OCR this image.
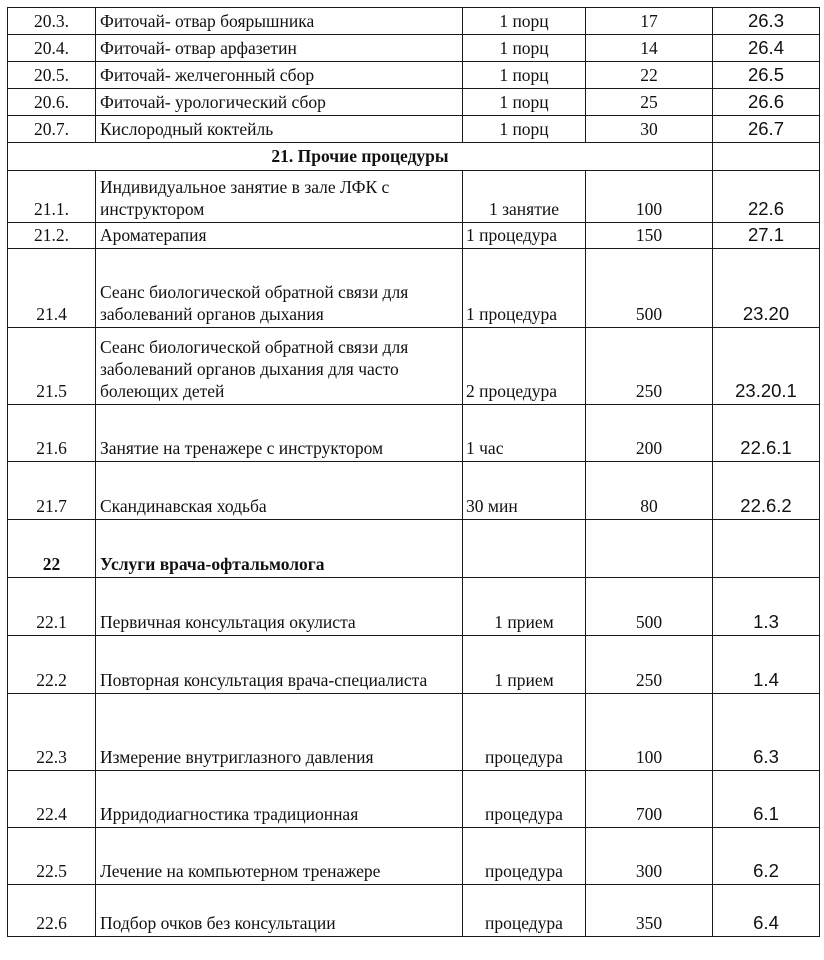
20.3.	Фиточай- отвар боярышника	1 порц	17	26.3
20.4.	Фиточай- отвар арфазетин	1 порц	14	26.4
20.5.	Фиточай- желчегонный сбор	1 порц	22	26.5
20.6.	Фиточай- урологический сбор	1 порц	25	26.6
20.7.	Кислородный коктейль	1 порц	30	26.7
21. Прочие процедуры				
21.1.	Индивидуальное занятие в зале ЛФК с инструктором	1 занятие	100	22.6
21.2.	Ароматерапия	1 процедура	150	27.1
21.4	Сеанс биологической обратной связи для заболеваний органов дыхания	1 процедура	500	23.20
21.5	Сеанс биологической обратной связи для заболеваний органов дыхания для часто болеющих детей	2 процедура	250	23.20.1
21.6	Занятие на тренажере с инструктором	1 час	200	22.6.1
21.7	Скандинавская ходьба	30 мин	80	22.6.2
22	Услуги врача-офтальмолога			
22.1	Первичная консультация окулиста	1 прием	500	1.3
22.2	Повторная консультация врача-специалиста	1 прием	250	1.4
22.3	Измерение внутриглазного давления	процедура	100	6.3
22.4	Ирридодиагностика традиционная	процедура	700	6.1
22.5	Лечение на компьютерном тренажере	процедура	300	6.2
22.6	Подбор очков без консультации	процедура	350	6.4
